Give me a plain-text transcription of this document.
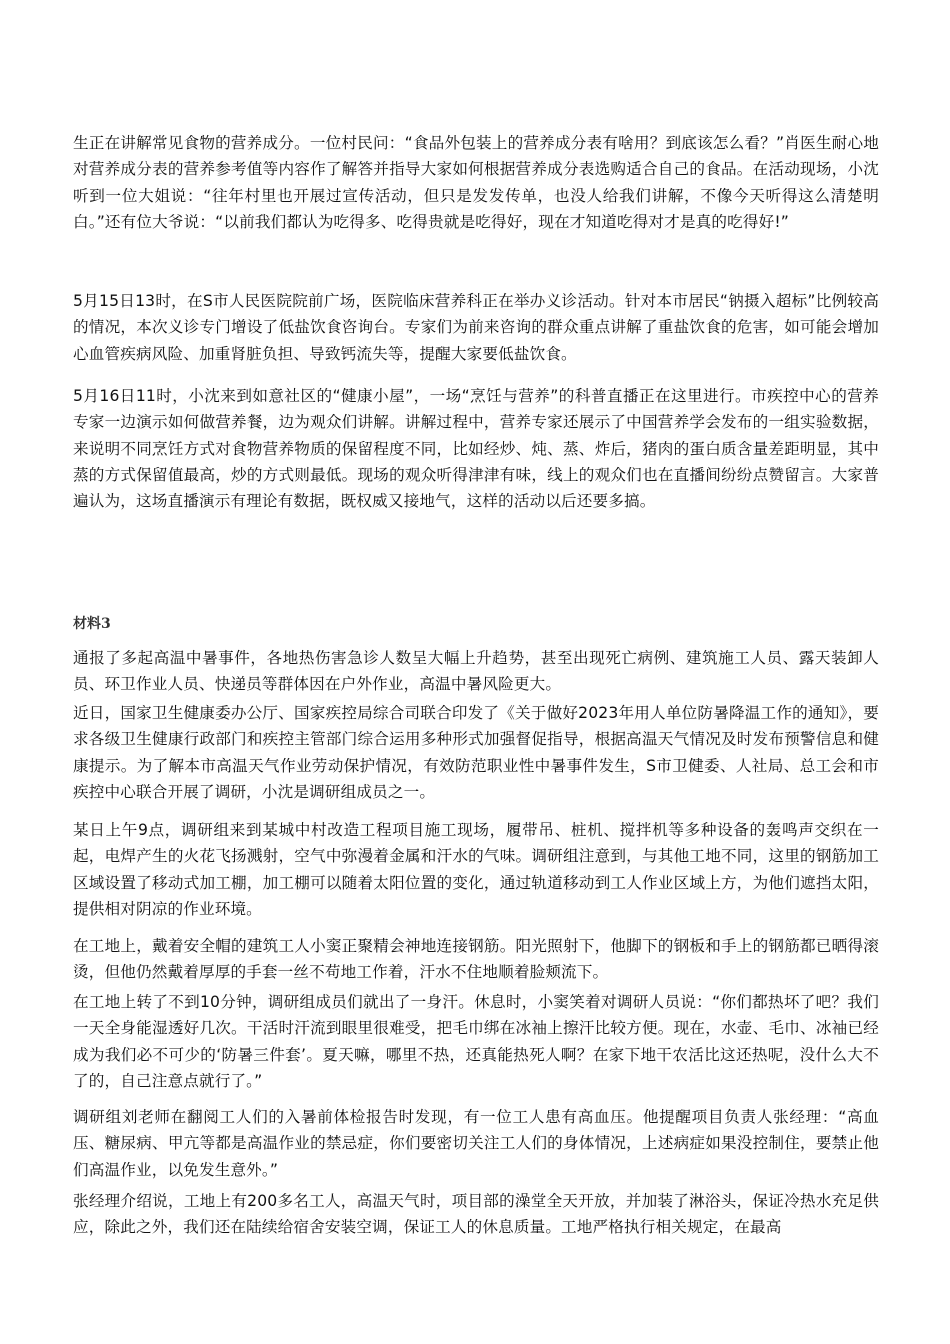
生正在讲解常见食物的营养成分。一位村民问：“食品外包装上的营养成分表有啥用？到底该怎么看？”肖医生耐心地对营养成分表的营养参考值等内容作了解答并指导大家如何根据营养成分表选购适合自己的食品。在活动现场，小沈听到一位大姐说：“往年村里也开展过宣传活动，但只是发发传单，也没人给我们讲解，不像今天听得这么清楚明白。”还有位大爷说：“以前我们都认为吃得多、吃得贵就是吃得好，现在才知道吃得对才是真的吃得好!”

5月15日13时，在S市人民医院院前广场，医院临床营养科正在举办义诊活动。针对本市居民“钠摄入超标”比例较高的情况，本次义诊专门增设了低盐饮食咨询台。专家们为前来咨询的群众重点讲解了重盐饮食的危害，如可能会增加心血管疾病风险、加重肾脏负担、导致钙流失等，提醒大家要低盐饮食。

5月16日11时，小沈来到如意社区的“健康小屋”，一场“烹饪与营养”的科普直播正在这里进行。市疾控中心的营养专家一边演示如何做营养餐，边为观众们讲解。讲解过程中，营养专家还展示了中国营养学会发布的一组实验数据，来说明不同烹饪方式对食物营养物质的保留程度不同，比如经炒、炖、蒸、炸后，猪肉的蛋白质含量差距明显，其中蒸的方式保留值最高，炒的方式则最低。现场的观众听得津津有味，线上的观众们也在直播间纷纷点赞留言。大家普遍认为，这场直播演示有理论有数据，既权威又接地气，这样的活动以后还要多搞。

材料3

通报了多起高温中暑事件，各地热伤害急诊人数呈大幅上升趋势，甚至出现死亡病例、建筑施工人员、露天装卸人员、环卫作业人员、快递员等群体因在户外作业，高温中暑风险更大。

近日，国家卫生健康委办公厅、国家疾控局综合司联合印发了《关于做好2023年用人单位防暑降温工作的通知》，要求各级卫生健康行政部门和疾控主管部门综合运用多种形式加强督促指导，根据高温天气情况及时发布预警信息和健康提示。为了解本市高温天气作业劳动保护情况，有效防范职业性中暑事件发生，S市卫健委、人社局、总工会和市疾控中心联合开展了调研，小沈是调研组成员之一。

某日上午9点，调研组来到某城中村改造工程项目施工现场，履带吊、桩机、搅拌机等多种设备的轰鸣声交织在一起，电焊产生的火花飞扬溅射，空气中弥漫着金属和汗水的气味。调研组注意到，与其他工地不同，这里的钢筋加工区域设置了移动式加工棚，加工棚可以随着太阳位置的变化，通过轨道移动到工人作业区域上方，为他们遮挡太阳，提供相对阴凉的作业环境。

在工地上，戴着安全帽的建筑工人小窦正聚精会神地连接钢筋。阳光照射下，他脚下的钢板和手上的钢筋都已晒得滚烫，但他仍然戴着厚厚的手套一丝不苟地工作着，汗水不住地顺着脸颊流下。

在工地上转了不到10分钟，调研组成员们就出了一身汗。休息时，小窦笑着对调研人员说：“你们都热坏了吧？我们一天全身能湿透好几次。干活时汗流到眼里很难受，把毛巾绑在冰袖上擦汗比较方便。现在，水壶、毛巾、冰袖已经成为我们必不可少的‘防暑三件套’。夏天嘛，哪里不热，还真能热死人啊？在家下地干农活比这还热呢，没什么大不了的，自己注意点就行了。”

调研组刘老师在翻阅工人们的入暑前体检报告时发现，有一位工人患有高血压。他提醒项目负责人张经理：“高血压、糖尿病、甲亢等都是高温作业的禁忌症，你们要密切关注工人们的身体情况，上述病症如果没控制住，要禁止他们高温作业，以免发生意外。”

张经理介绍说，工地上有200多名工人，高温天气时，项目部的澡堂全天开放，并加装了淋浴头，保证冷热水充足供应，除此之外，我们还在陆续给宿舍安装空调，保证工人的休息质量。工地严格执行相关规定，在最高
